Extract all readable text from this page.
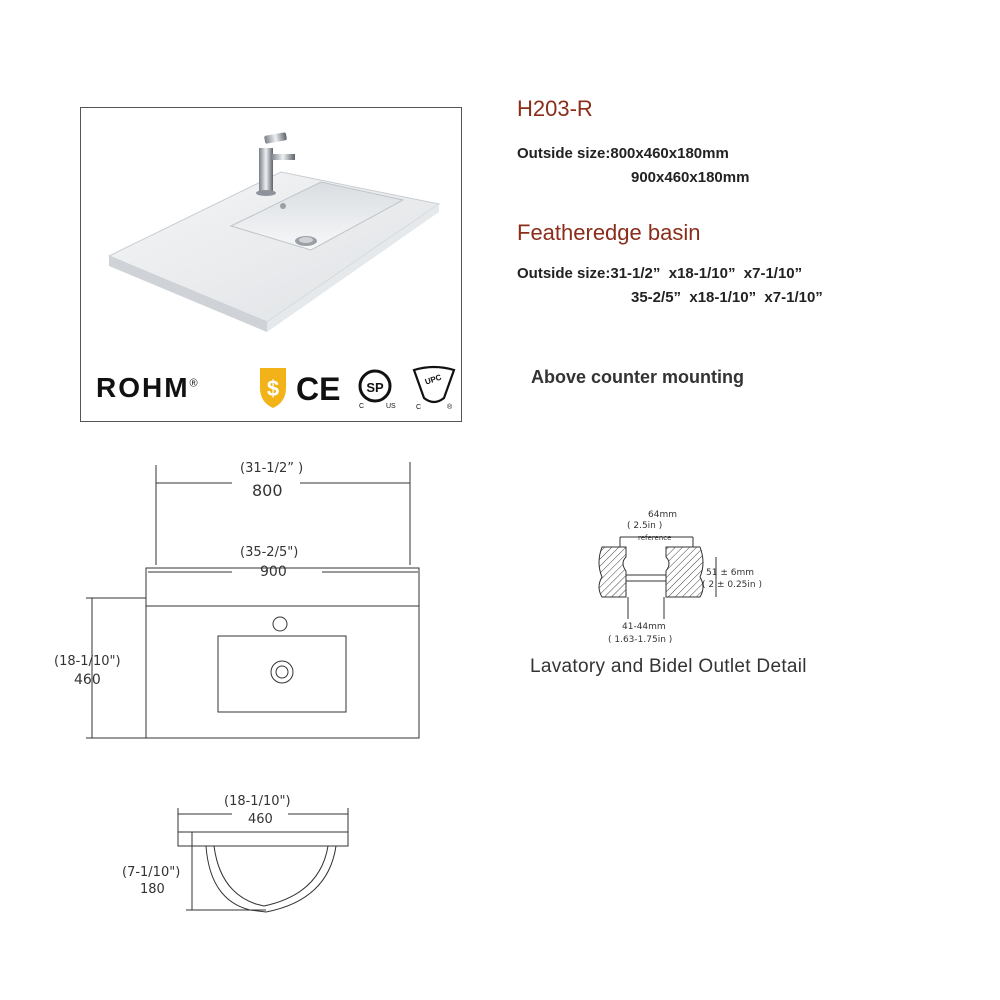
ROHM®	$ CE SP
C	US
UPC
C	®
H203-R
Outside size:800x460x180mm
900x460x180mm
Featheredge basin
Outside size:31-1/2”  x18-1/10”  x7-1/10”
35-2/5”  x18-1/10”  x7-1/10”
Above counter mounting
(31-1/2” )
800
(35-2/5")
900
(18-1/10")
460
(18-1/10")
460
(7-1/10")
180
64mm
( 2.5in )
reference
51 ± 6mm
( 2 ± 0.25in )
41-44mm
( 1.63-1.75in )
Lavatory and Bidel Outlet Detail
